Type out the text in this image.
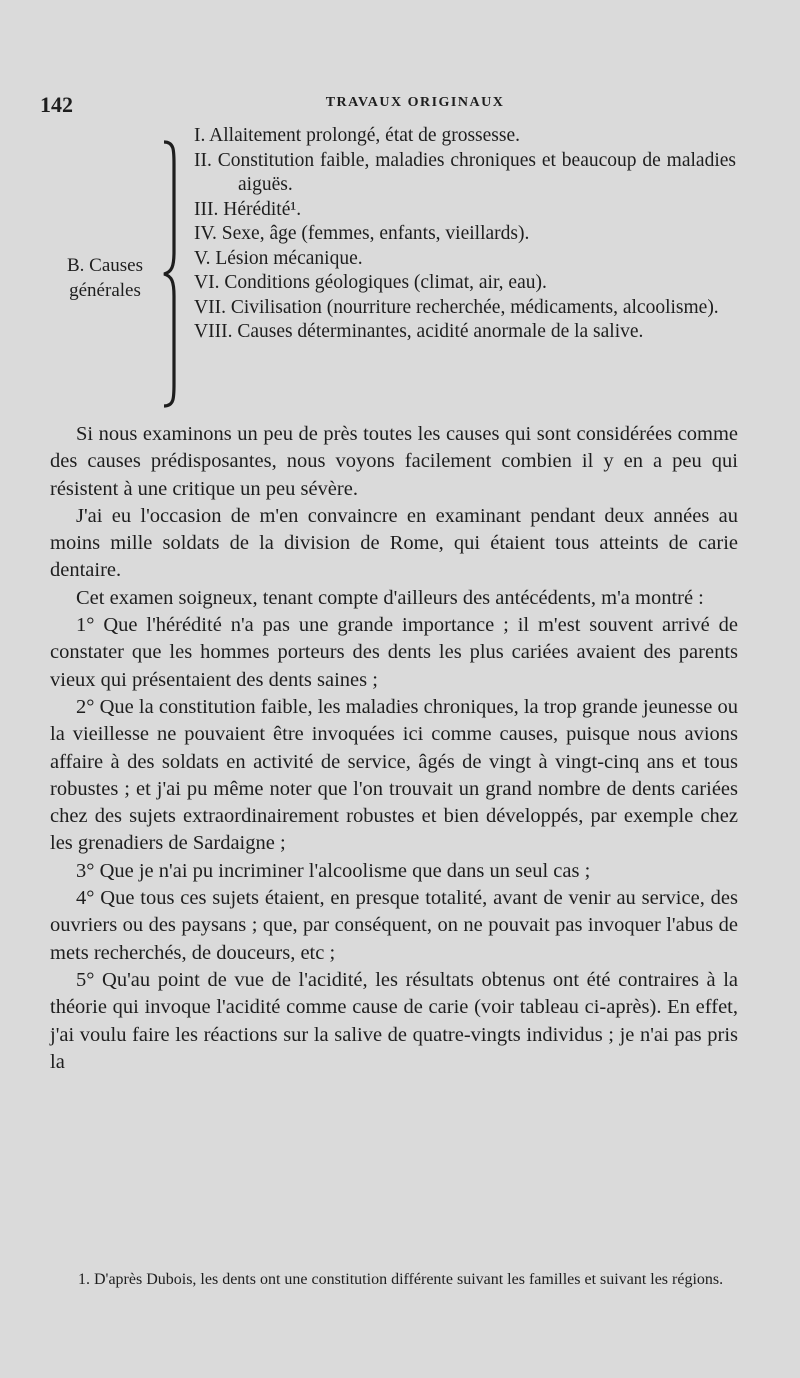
142	TRAVAUX ORIGINAUX
B. Causes
générales
I. Allaitement prolongé, état de grossesse.
II. Constitution faible, maladies chroniques et beaucoup de maladies aiguës.
III. Hérédité¹.
IV. Sexe, âge (femmes, enfants, vieillards).
V. Lésion mécanique.
VI. Conditions géologiques (climat, air, eau).
VII. Civilisation (nourriture recherchée, médicaments, alcoolisme).
VIII. Causes déterminantes, acidité anormale de la salive.

Si nous examinons un peu de près toutes les causes qui sont considérées comme des causes prédisposantes, nous voyons facilement combien il y en a peu qui résistent à une critique un peu sévère.

J'ai eu l'occasion de m'en convaincre en examinant pendant deux années au moins mille soldats de la division de Rome, qui étaient tous atteints de carie dentaire.

Cet examen soigneux, tenant compte d'ailleurs des antécédents, m'a montré :

1° Que l'hérédité n'a pas une grande importance ; il m'est souvent arrivé de constater que les hommes porteurs des dents les plus cariées avaient des parents vieux qui présentaient des dents saines ;

2° Que la constitution faible, les maladies chroniques, la trop grande jeunesse ou la vieillesse ne pouvaient être invoquées ici comme causes, puisque nous avions affaire à des soldats en activité de service, âgés de vingt à vingt-cinq ans et tous robustes ; et j'ai pu même noter que l'on trouvait un grand nombre de dents cariées chez des sujets extraordinairement robustes et bien développés, par exemple chez les grenadiers de Sardaigne ;

3° Que je n'ai pu incriminer l'alcoolisme que dans un seul cas ;

4° Que tous ces sujets étaient, en presque totalité, avant de venir au service, des ouvriers ou des paysans ; que, par conséquent, on ne pouvait pas invoquer l'abus de mets recherchés, de douceurs, etc ;

5° Qu'au point de vue de l'acidité, les résultats obtenus ont été contraires à la théorie qui invoque l'acidité comme cause de carie (voir tableau ci-après). En effet, j'ai voulu faire les réactions sur la salive de quatre-vingts individus ; je n'ai pas pris la

1. D'après Dubois, les dents ont une constitution différente suivant les familles et suivant les régions.
